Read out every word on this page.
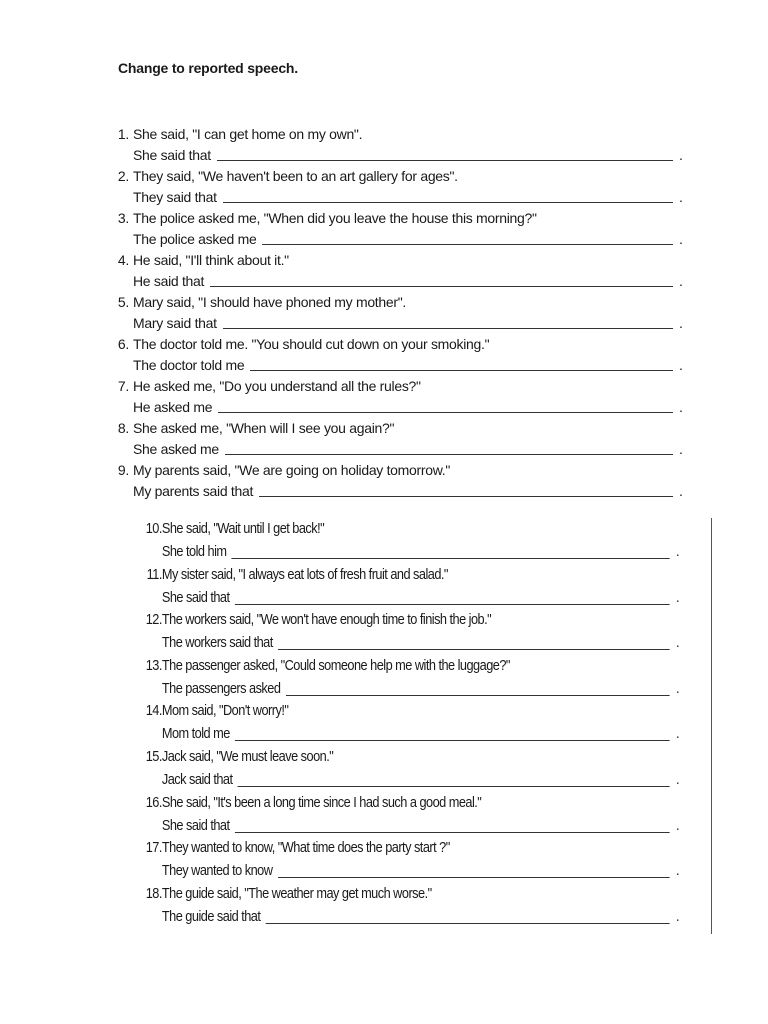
Change to reported speech.
1. She said, "I can get home on my own".
She said that	.
2. They said, "We haven't been to an art gallery for ages".
They said that	.
3. The police asked me, "When did you leave the house this morning?"
The police asked me	.
4. He said, "I'll think about it."
He said that	.
5. Mary said, "I should have phoned my mother".
Mary said that	.
6. The doctor told me. "You should cut down on your smoking."
The doctor told me	.
7. He asked me, "Do you understand all the rules?"
He asked me	.
8. She asked me, "When will I see you again?"
She asked me	.
9. My parents said, "We are going on holiday tomorrow."
My parents said that	.
10. She said, "Wait until I get back!"
She told him	.
11. My sister said, "I always eat lots of fresh fruit and salad."
She said that	.
12. The workers said, "We won't have enough time to finish the job."
The workers said that	.
13. The passenger asked, "Could someone help me with the luggage?"
The passengers asked	.
14. Mom said, "Don't worry!"
Mom told me	.
15. Jack said, "We must leave soon."
Jack said that	.
16. She said, "It's been a long time since I had such a good meal."
She said that	.
17. They wanted to know, "What time does the party start ?"
They wanted to know	.
18. The guide said, "The weather may get much worse."
The guide said that	.
